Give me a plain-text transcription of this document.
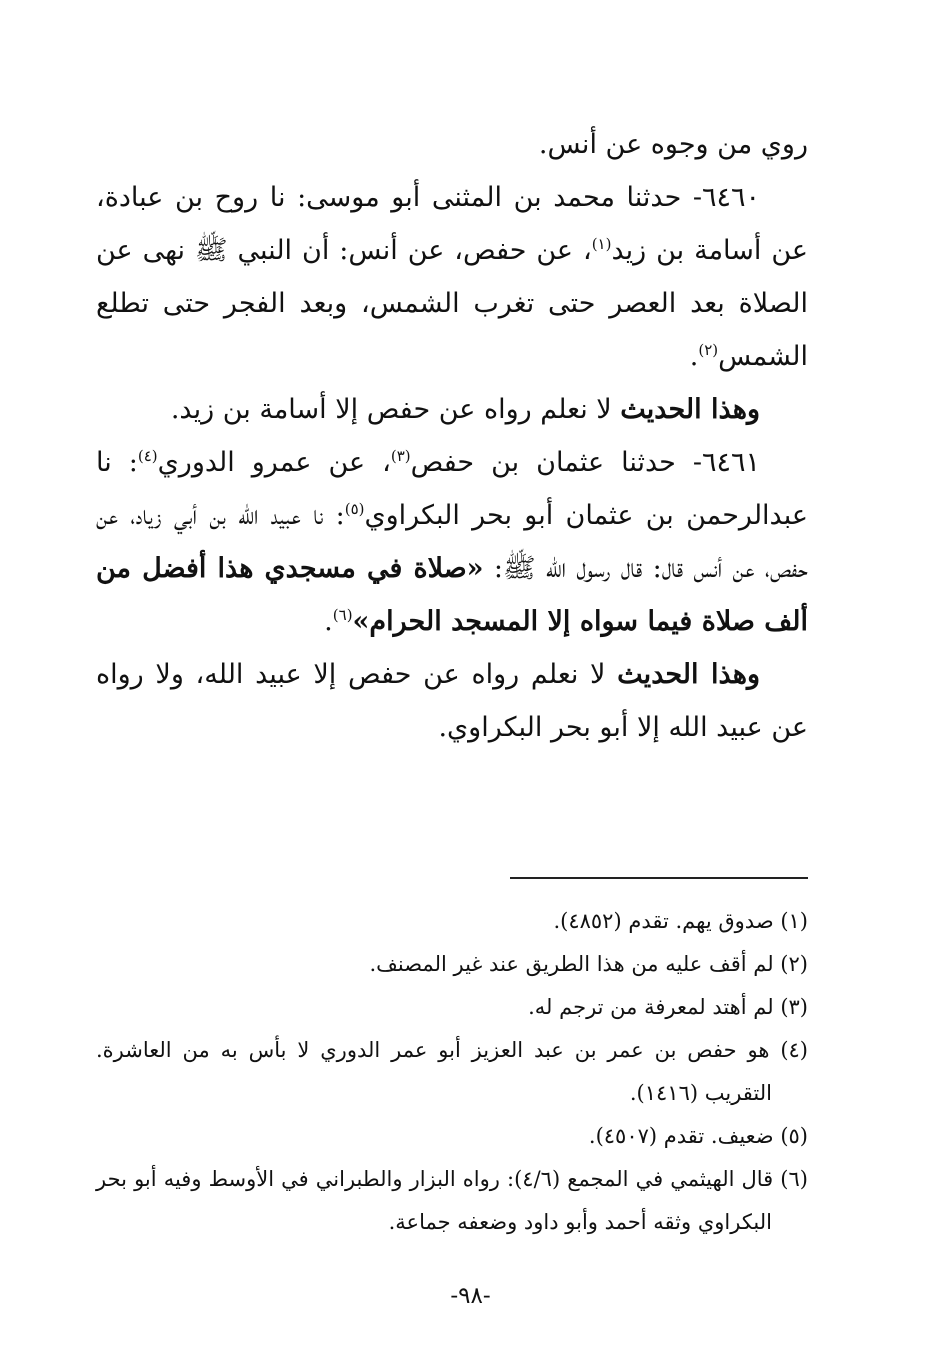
روي من وجوه عن أنس.

٦٤٦٠- حدثنا محمد بن المثنى أبو موسى: نا روح بن عبادة، عن أسامة بن زيد$^{(١)}$، عن حفص، عن أنس: أن النبي ﷺ نهى عن الصلاة بعد العصر حتى تغرب الشمس، وبعد الفجر حتى تطلع الشمس$^{(٢)}$.

وهذا الحديث لا نعلم رواه عن حفص إلا أسامة بن زيد.

٦٤٦١- حدثنا عثمان بن حفص$^{(٣)}$، عن عمرو الدوري$^{(٤)}$: نا عبدالرحمن بن عثمان أبو بحر البكراوي$^{(٥)}$: نا عبيد الله بن أبي زياد، عن حفص، عن أنس قال: قال رسول الله ﷺ: «صلاة في مسجدي هذا أفضل من ألف صلاة فيما سواه إلا المسجد الحرام»$^{(٦)}$.

وهذا الحديث لا نعلم رواه عن حفص إلا عبيد الله، ولا رواه عن عبيد الله إلا أبو بحر البكراوي.

(١) صدوق يهم. تقدم (٤٨٥٢).

(٢) لم أقف عليه من هذا الطريق عند غير المصنف.

(٣) لم أهتد لمعرفة من ترجم له.

(٤) هو حفص بن عمر بن عبد العزيز أبو عمر الدوري لا بأس به من العاشرة. التقريب (١٤١٦).

(٥) ضعيف. تقدم (٤٥٠٧).

(٦) قال الهيثمي في المجمع (٤/٦): رواه البزار والطبراني في الأوسط وفيه أبو بحر البكراوي وثقه أحمد وأبو داود وضعفه جماعة.

-٩٨-
